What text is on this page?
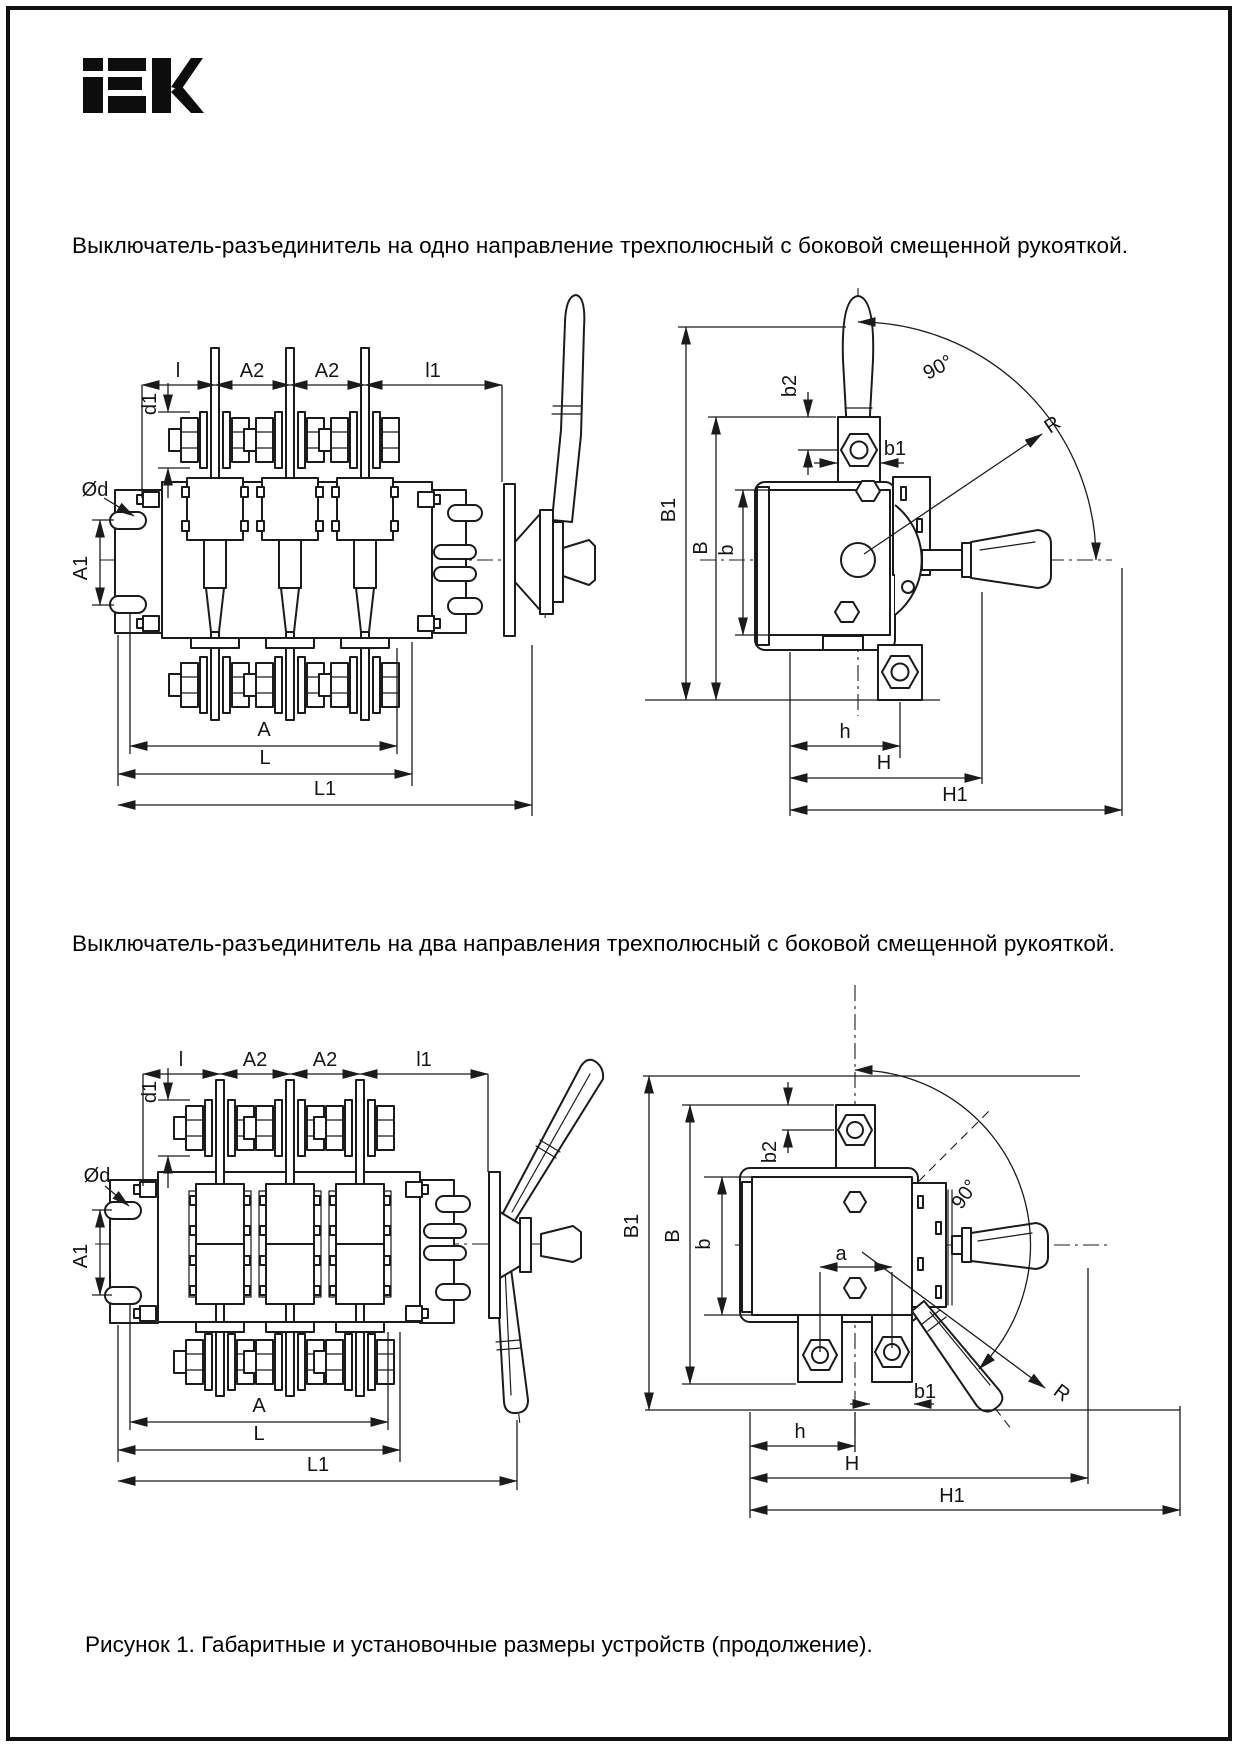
Выключатель-разъединитель на одно направление трехполюсный с боковой смещенной рукояткой.
Выключатель-разъединитель на два направления трехполюсный с боковой смещенной рукояткой.
Рисунок 1. Габаритные и установочные размеры устройств (продолжение).
l	A2	A2	l1
d1
Ød
A1
A
L
L1
B1
B b
b2
b1
90°
R
h
H
H1
l	A2 A2	l1
d1
Ød
A1
A
L
L1
B1 B
b
b2
a
b1
90°
R
h
H
H1
